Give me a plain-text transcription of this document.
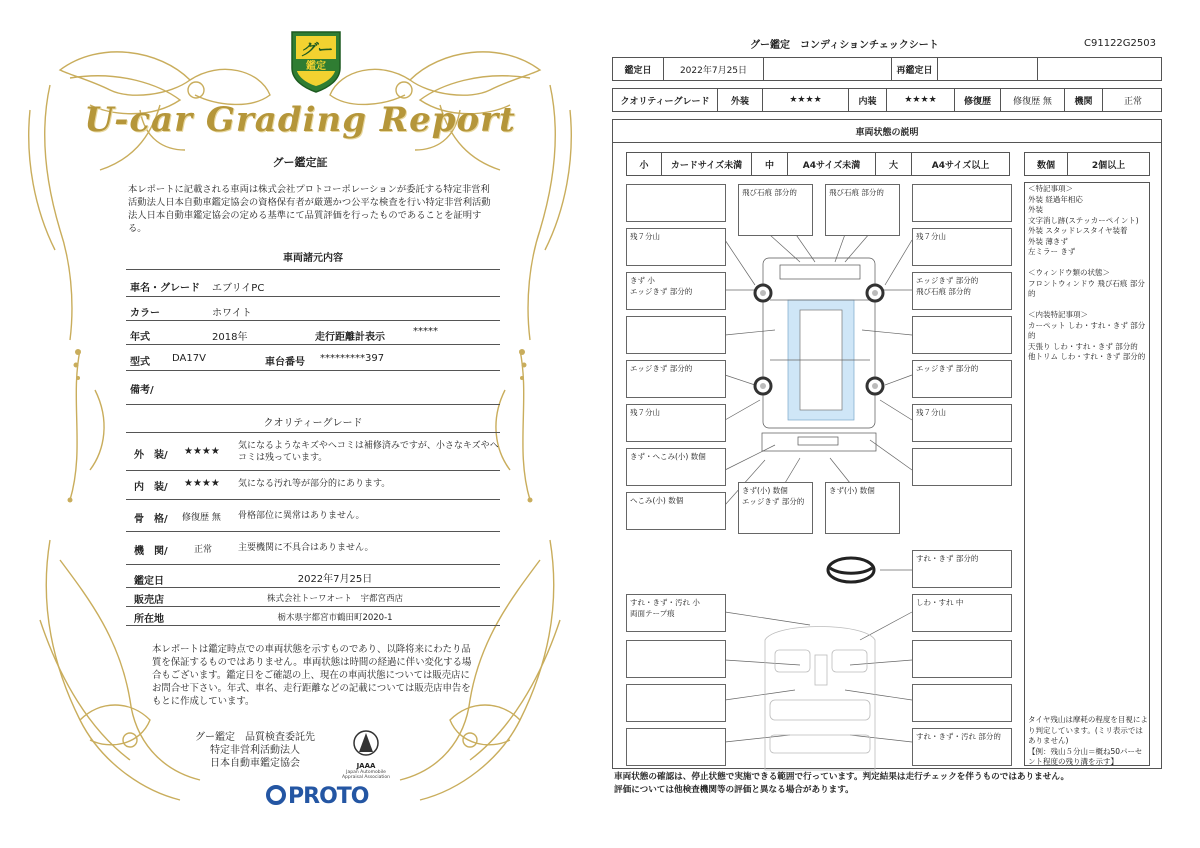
グー
鑑定
U-car Grading Report
グー鑑定証
本レポートに記載される車両は株式会社プロトコーポレーションが委託する特定非営利活動法人日本自動車鑑定協会の資格保有者が厳選かつ公平な検査を行い特定非営利活動法人日本自動車鑑定協会の定める基準にて品質評価を行ったものであることを証明する。
車両諸元内容
車名・グレード エブリイPC
カラー	ホワイト
年式	2018年	走行距離計表示
*****
型式 DA17V	車台番号 *********397
備考/
クオリティーグレード
外　装/ ★★★★ 気になるようなキズやヘコミは補修済みですが、小さなキズやヘコミは残っています。
内　装/ ★★★★ 気になる汚れ等が部分的にあります。
骨　格/ 修復歴 無 骨格部位に異常はありません。
機　関/	正常	主要機関に不具合はありません。
鑑定日	2022年7月25日
販売店	株式会社トーワオート　宇都宮西店
所在地	栃木県宇都宮市鶴田町2020-1
本レポートは鑑定時点での車両状態を示すものであり、以降将来にわたり品質を保証するものではありません。車両状態は時間の経過に伴い変化する場合もございます。鑑定日をご確認の上、現在の車両状態については販売店にお問合せ下さい。年式、車名、走行距離などの記載については販売店申告をもとに作成しています。
グー鑑定　品質検査委託先
特定非営利活動法人
日本自動車鑑定協会	JAAA
Japan Automobile Appraisal Association
PROTO
グー鑑定　コンディションチェックシート	C91122G2503
鑑定日	2022年7月25日	再鑑定日
クオリティーグレード	外装	★★★★	内装	★★★★	修復歴	修復歴 無	機関	正常
車両状態の説明
小	カードサイズ未満	中	A4サイズ未満	大	A4サイズ以上	数個	2個以上
＜特記事項＞
外装 経過年相応
外装
文字消し跡(ステッカーペイント)
外装 スタッドレスタイヤ装着
外装 薄きず
左ミラー きず

＜ウィンドウ類の状態＞
フロントウィンドウ 飛び石痕 部分的

＜内装特記事項＞
カーペット しわ・すれ・きず 部分的
天張り しわ・すれ・きず 部分的
他トリム しわ・すれ・きず 部分的
タイヤ残山は摩耗の程度を目視により判定しています。(ミリ表示ではありません)
【例：残山５分山＝概ね50パーセント程度の残り溝を示す】
飛び石痕 部分的	飛び石痕 部分的
残７分山
きず 小
エッジきず 部分的
エッジきず 部分的
残７分山
きず・へこみ(小) 数個
へこみ(小) 数個
残７分山
エッジきず 部分的
飛び石痕 部分的
エッジきず 部分的
残７分山
きず(小) 数個
エッジきず 部分的
きず(小) 数個
すれ・きず 部分的
すれ・きず・汚れ 小
両面テープ痕
しわ・すれ 中
すれ・きず・汚れ 部分的
車両状態の確認は、停止状態で実施できる範囲で行っています。判定結果は走行チェックを伴うものではありません。
評価については他検査機関等の評価と異なる場合があります。
